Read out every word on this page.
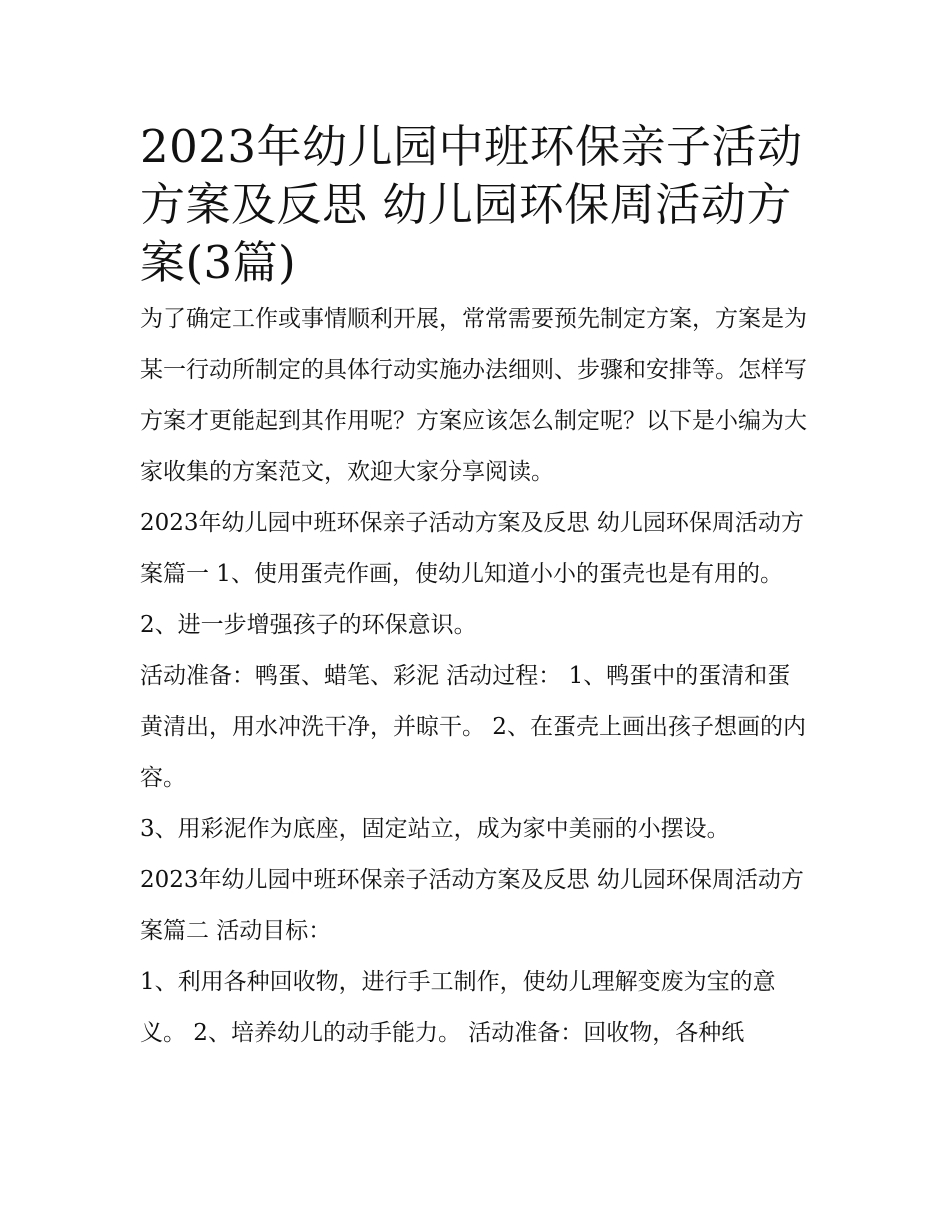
2023年幼儿园中班环保亲子活动方案及反思 幼儿园环保周活动方案(3篇)

为了确定工作或事情顺利开展，常常需要预先制定方案，方案是为某一行动所制定的具体行动实施办法细则、步骤和安排等。怎样写方案才更能起到其作用呢？方案应该怎么制定呢？以下是小编为大家收集的方案范文，欢迎大家分享阅读。

2023年幼儿园中班环保亲子活动方案及反思 幼儿园环保周活动方案篇一 1、使用蛋壳作画，使幼儿知道小小的蛋壳也是有用的。 2、进一步增强孩子的环保意识。

活动准备：鸭蛋、蜡笔、彩泥 活动过程： 1、鸭蛋中的蛋清和蛋黄清出，用水冲洗干净，并晾干。 2、在蛋壳上画出孩子想画的内容。

3、用彩泥作为底座，固定站立，成为家中美丽的小摆设。

2023年幼儿园中班环保亲子活动方案及反思 幼儿园环保周活动方案篇二 活动目标：

1、利用各种回收物，进行手工制作，使幼儿理解变废为宝的意义。 2、培养幼儿的动手能力。 活动准备：回收物，各种纸
